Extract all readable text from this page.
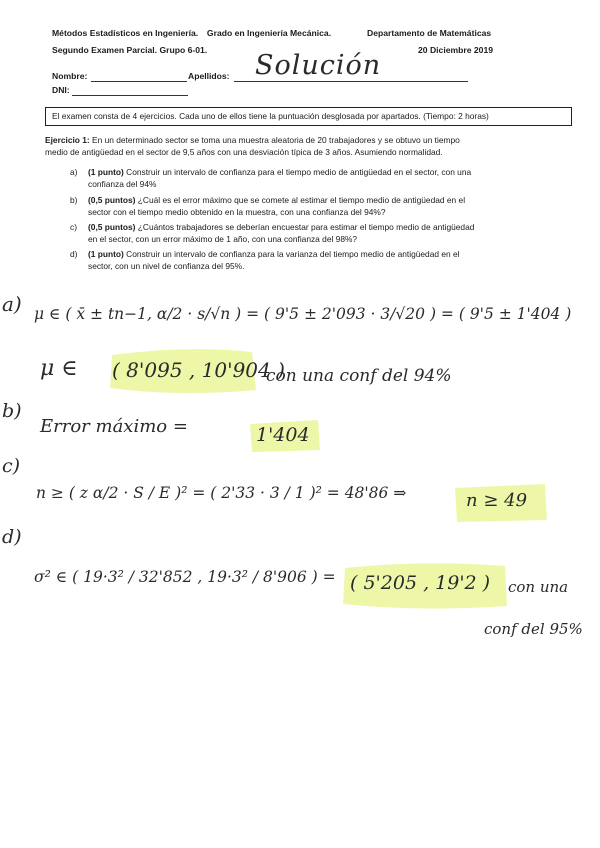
Métodos Estadísticos en Ingeniería. Grado en Ingeniería Mecánica.	Departamento de Matemáticas
Segundo Examen Parcial. Grupo 6-01.	20 Diciembre 2019
Nombre:	Apellidos: Solución
DNI:
El examen consta de 4 ejercicios. Cada uno de ellos tiene la puntuación desglosada por apartados. (Tiempo: 2 horas)
Ejercicio 1: En un determinado sector se toma una muestra aleatoria de 20 trabajadores y se obtuvo un tiempo
medio de antigüedad en el sector de 9,5 años con una desviación típica de 3 años. Asumiendo normalidad.
a) (1 punto) Construir un intervalo de confianza para el tiempo medio de antigüedad en el sector, con una
confianza del 94%
b) (0,5 puntos) ¿Cuál es el error máximo que se comete al estimar el tiempo medio de antigüedad en el
sector con el tiempo medio obtenido en la muestra, con una confianza del 94%?
c) (0,5 puntos) ¿Cuántos trabajadores se deberían encuestar para estimar el tiempo medio de antigüedad
en el sector, con un error máximo de 1 año, con una confianza del 98%?
d) (1 punto) Construir un intervalo de confianza para la varianza del tiempo medio de antigüedad en el
sector, con un nivel de confianza del 95%.
a) μ ∈ ( x̄ ± tn−1, α/2 · s/√n ) = ( 9'5 ± 2'093 · 3/√20 ) = ( 9'5 ± 1'404 )
μ ∈ ( 8'095 , 10'904 )
con una conf del 94%
b)
Error máximo =	1'404
c)
n ≥ ( z α/2 · S / E )² = ( 2'33 · 3 / 1 )² = 48'86 ⇒	n ≥ 49
d)
σ² ∈ ( 19·3² / 32'852 , 19·3² / 8'906 ) = ( 5'205 , 19'2 ) con una
conf del 95%
